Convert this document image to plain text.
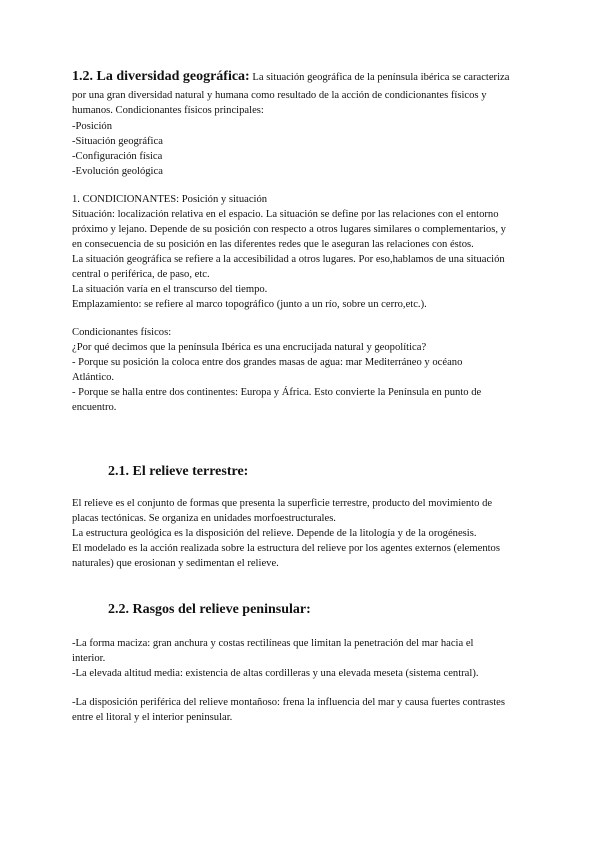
1.2. La diversidad geográfica: La situación geográfica de la península ibérica se caracteriza
por una gran diversidad natural y humana como resultado de la acción de condicionantes físicos y
humanos. Condicionantes físicos principales:
-Posición
-Situación geográfica
-Configuración física
-Evolución geológica
1. CONDICIONANTES: Posición y situación
Situación: localización relativa en el espacio. La situación se define por las relaciones con el entorno
próximo y lejano. Depende de su posición con respecto a otros lugares similares o complementarios, y
en consecuencia de su posición en las diferentes redes que le aseguran las relaciones con éstos.
La situación geográfica se refiere a la accesibilidad a otros lugares. Por eso,hablamos de una situación
central o periférica, de paso, etc.
La situación varía en el transcurso del tiempo.
Emplazamiento: se refiere al marco topográfico (junto a un río, sobre un cerro,etc.).
Condicionantes físicos:
¿Por qué decimos que la península Ibérica es una encrucijada natural y geopolítica?
- Porque su posición la coloca entre dos grandes masas de agua: mar Mediterráneo y océano
Atlántico.
- Porque se halla entre dos continentes: Europa y África. Esto convierte la Península en punto de
encuentro.
2.1. El relieve terrestre:
El relieve es el conjunto de formas que presenta la superficie terrestre, producto del movimiento de
placas tectónicas. Se organiza en unidades morfoestructurales.
La estructura geológica es la disposición del relieve. Depende de la litología y de la orogénesis.
El modelado es la acción realizada sobre la estructura del relieve por los agentes externos (elementos
naturales) que erosionan y sedimentan el relieve.
2.2. Rasgos del relieve peninsular:
-La forma maciza: gran anchura y costas rectilíneas que limitan la penetración del mar hacia el
interior.
-La elevada altitud media: existencia de altas cordilleras y una elevada meseta (sistema central).
-La disposición periférica del relieve montañoso: frena la influencia del mar y causa fuertes contrastes
entre el litoral y el interior peninsular.
